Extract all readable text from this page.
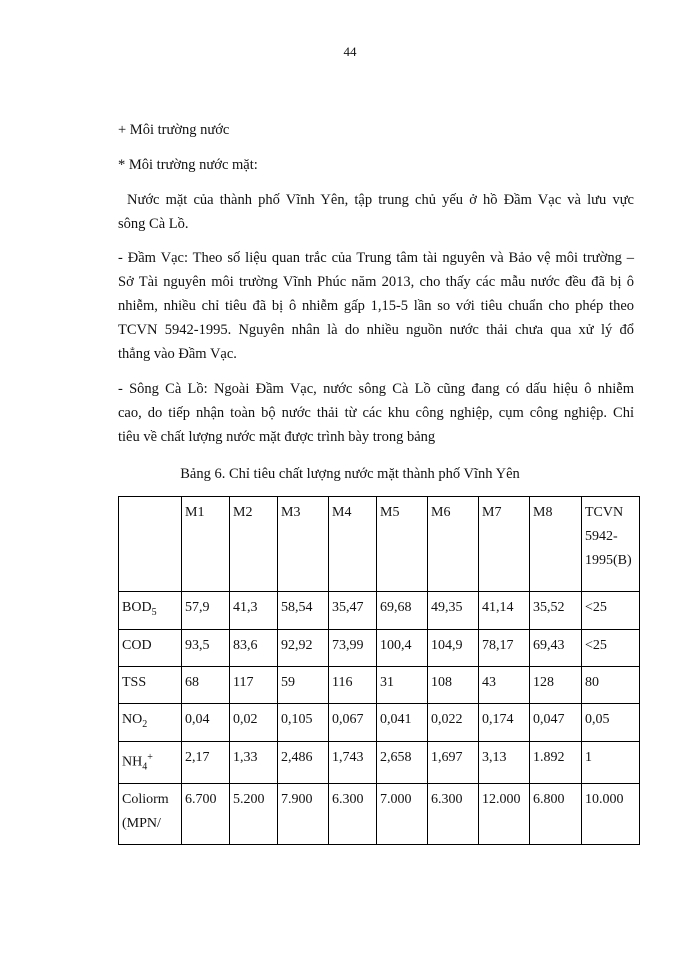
44
+ Môi trường nước
* Môi trường nước mặt:
Nước mặt của thành phố Vĩnh Yên, tập trung chủ yếu ở hồ Đầm Vạc và lưu vực
sông Cà Lồ.
- Đầm Vạc: Theo số liệu quan trắc của Trung tâm tài nguyên và Bảo vệ môi trường –
Sở Tài nguyên môi trường Vĩnh Phúc năm 2013, cho thấy các mẫu nước đều đã bị ô
nhiễm, nhiều chỉ tiêu đã bị ô nhiễm gấp 1,15-5 lần so với tiêu chuẩn cho phép theo
TCVN 5942-1995. Nguyên nhân là do nhiều nguồn nước thải chưa qua xử lý đổ
thẳng vào Đầm Vạc.
- Sông Cà Lồ: Ngoài Đầm Vạc, nước sông Cà Lồ cũng đang có dấu hiệu ô nhiễm
cao, do tiếp nhận toàn bộ nước thải từ các khu công nghiệp, cụm công nghiệp. Chỉ
tiêu về chất lượng nước mặt được trình bày trong bảng
Bảng 6. Chỉ tiêu chất lượng nước mặt thành phố Vĩnh Yên
	M1	M2	M3	M4	M5	M6	M7	M8	TCVN
5942-
1995(B)

$BOD_5$	57,9	41,3	58,54	35,47	69,68	49,35	41,14	35,52	<25
COD	93,5	83,6	92,92	73,99	100,4	104,9	78,17	69,43	<25
TSS	68	117	59	116	31	108	43	128	80
$NO_2$	0,04	0,02	0,105	0,067	0,041	0,022	0,174	0,047	0,05
$NH_4^+$	2,17	1,33	2,486	1,743	2,658	1,697	3,13	1.892	1

Coliorm
(MPN/	6.700	5.200	7.900	6.300	7.000	6.300	12.000	6.800	10.000
